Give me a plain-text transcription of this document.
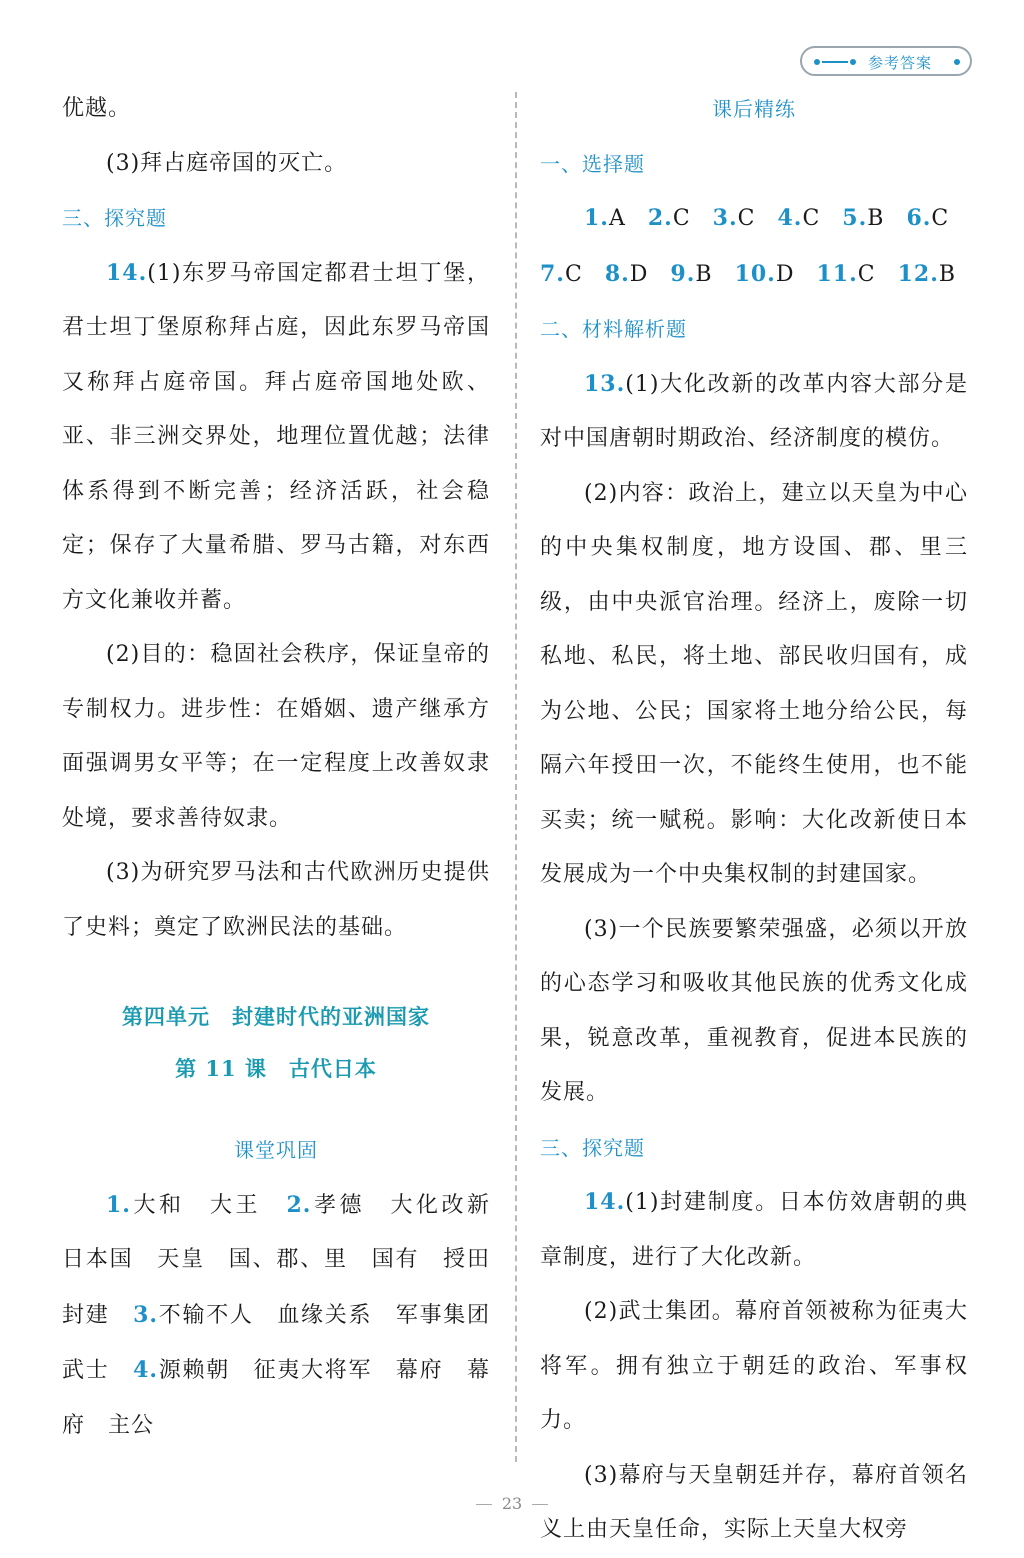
参考答案

优越。

(3)拜占庭帝国的灭亡。

三、探究题

14.(1)东罗马帝国定都君士坦丁堡，君士坦丁堡原称拜占庭，因此东罗马帝国又称拜占庭帝国。拜占庭帝国地处欧、亚、非三洲交界处，地理位置优越；法律体系得到不断完善；经济活跃，社会稳定；保存了大量希腊、罗马古籍，对东西方文化兼收并蓄。

(2)目的：稳固社会秩序，保证皇帝的专制权力。进步性：在婚姻、遗产继承方面强调男女平等；在一定程度上改善奴隶处境，要求善待奴隶。

(3)为研究罗马法和古代欧洲历史提供了史料；奠定了欧洲民法的基础。

第四单元　封建时代的亚洲国家

第 11 课　古代日本

课堂巩固

1.大和　大王　2.孝德　大化改新　日本国　天皇　国、郡、里　国有　授田　封建　3.不输不人　血缘关系　军事集团　武士　4.源赖朝　征夷大将军　幕府　幕府　主公

课后精练

一、选择题

1.A 2.C 3.C 4.C 5.B 6.C
7.C 8.D 9.B 10.D 11.C 12.B

二、材料解析题

13.(1)大化改新的改革内容大部分是对中国唐朝时期政治、经济制度的模仿。

(2)内容：政治上，建立以天皇为中心的中央集权制度，地方设国、郡、里三级，由中央派官治理。经济上，废除一切私地、私民，将土地、部民收归国有，成为公地、公民；国家将土地分给公民，每隔六年授田一次，不能终生使用，也不能买卖；统一赋税。影响：大化改新使日本发展成为一个中央集权制的封建国家。

(3)一个民族要繁荣强盛，必须以开放的心态学习和吸收其他民族的优秀文化成果，锐意改革，重视教育，促进本民族的发展。

三、探究题

14.(1)封建制度。日本仿效唐朝的典章制度，进行了大化改新。

(2)武士集团。幕府首领被称为征夷大将军。拥有独立于朝廷的政治、军事权力。

(3)幕府与天皇朝廷并存，幕府首领名义上由天皇任命，实际上天皇大权旁

23
